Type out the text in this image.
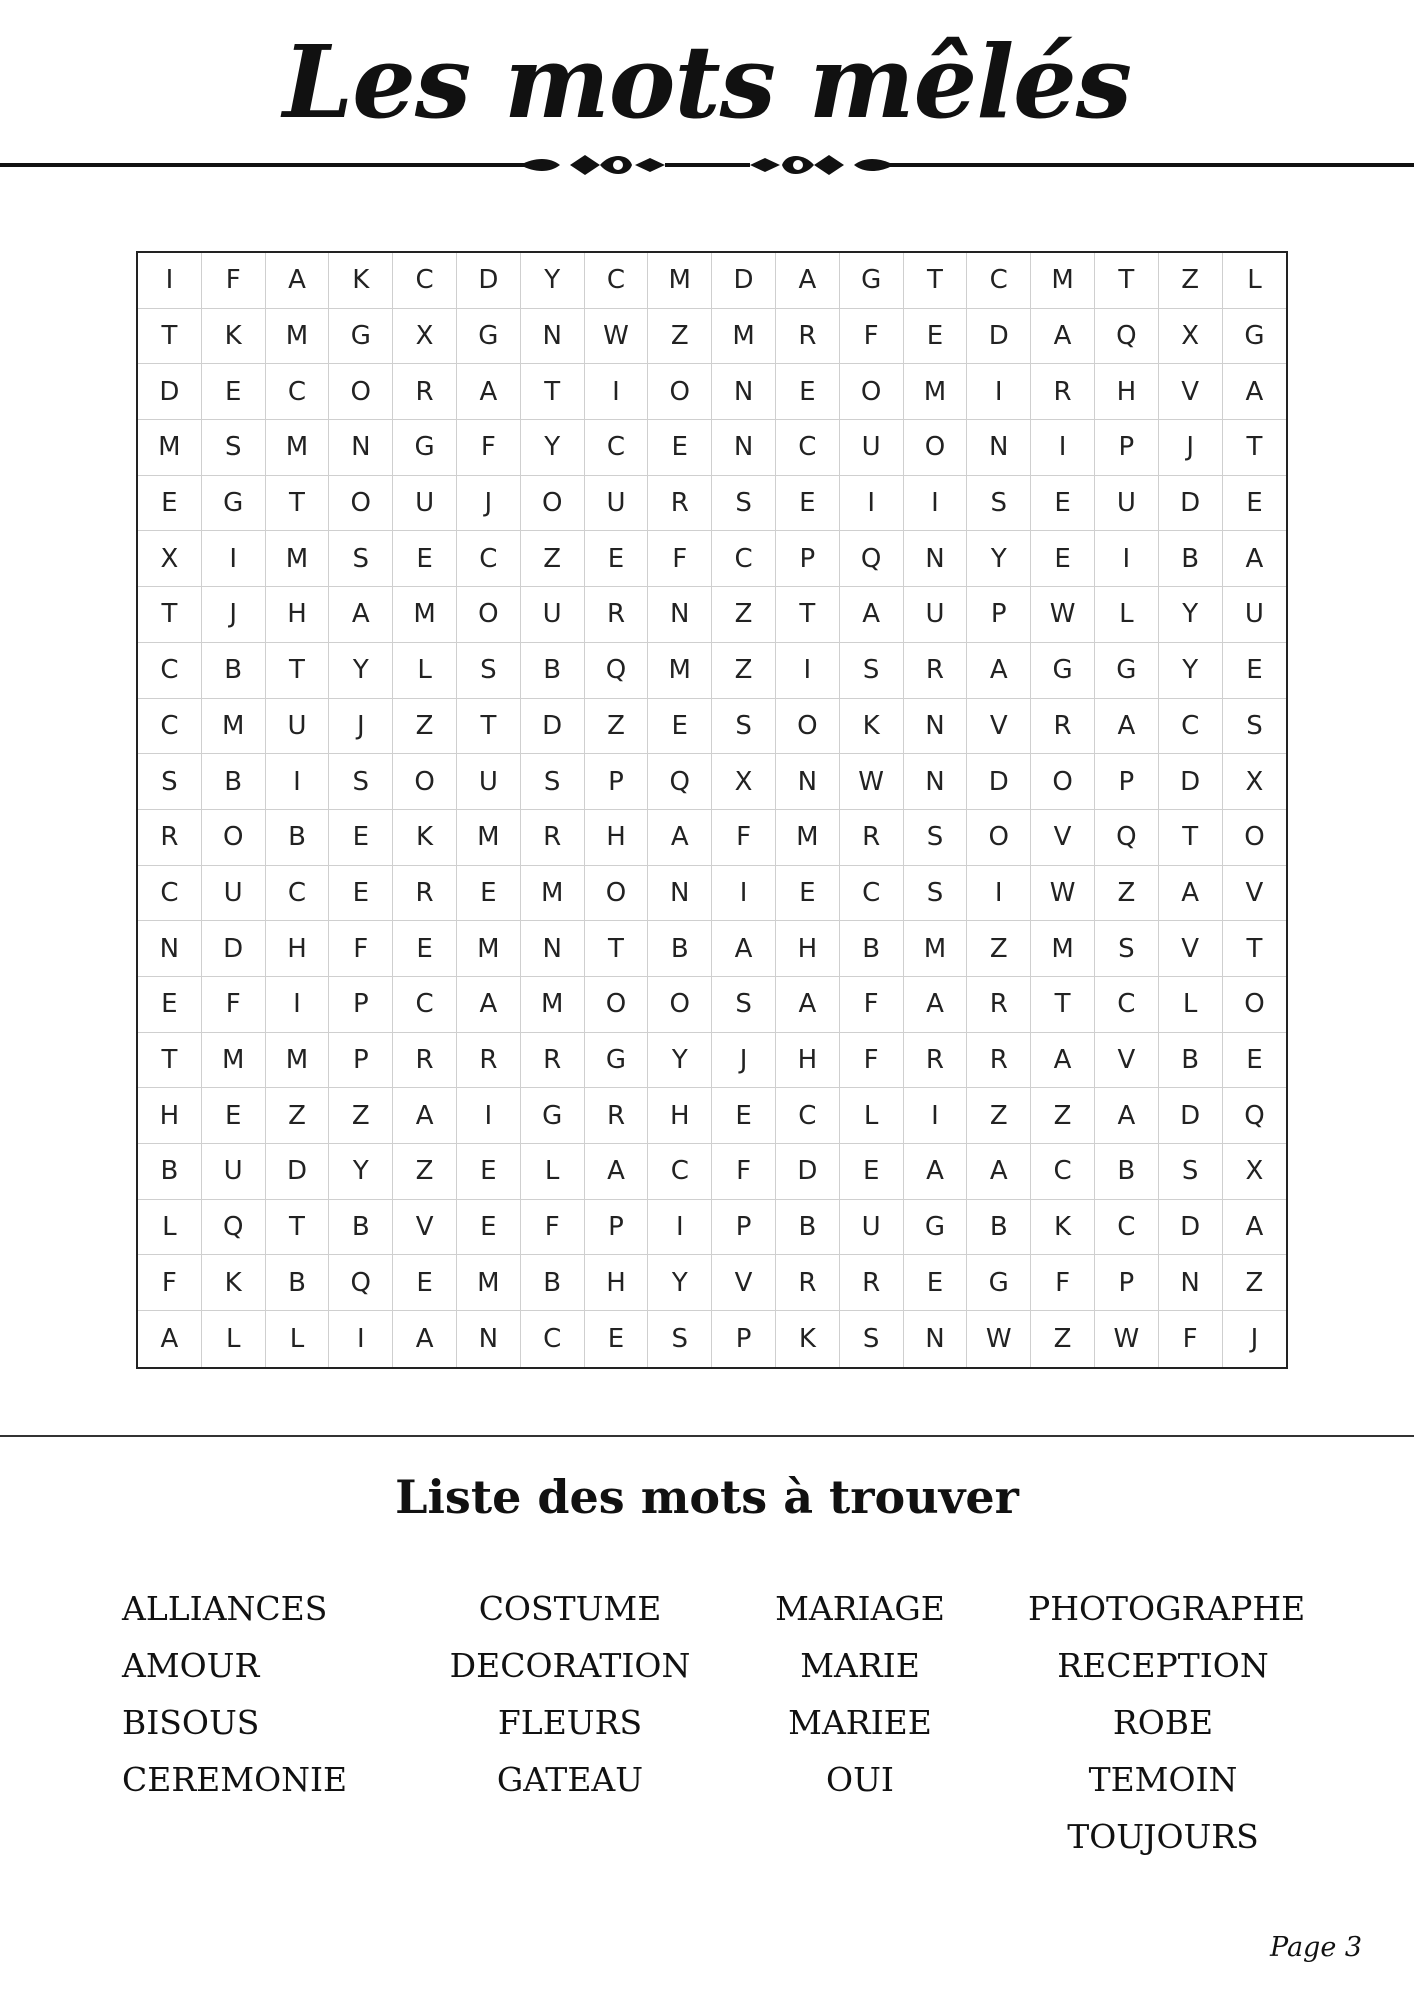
Les mots mêlés
I	F	A	K	C	D	Y	C	M	D	A	G	T	C	M	T	Z	L
T	K	M	G	X	G	N	W	Z	M	R	F	E	D	A	Q	X	G
D	E	C	O	R	A	T	I	O	N	E	O	M	I	R	H	V	A
M	S	M	N	G	F	Y	C	E	N	C	U	O	N	I	P	J	T
E	G	T	O	U	J	O	U	R	S	E	I	I	S	E	U	D	E
X	I	M	S	E	C	Z	E	F	C	P	Q	N	Y	E	I	B	A
T	J	H	A	M	O	U	R	N	Z	T	A	U	P	W	L	Y	U
C	B	T	Y	L	S	B	Q	M	Z	I	S	R	A	G	G	Y	E
C	M	U	J	Z	T	D	Z	E	S	O	K	N	V	R	A	C	S
S	B	I	S	O	U	S	P	Q	X	N	W	N	D	O	P	D	X
R	O	B	E	K	M	R	H	A	F	M	R	S	O	V	Q	T	O
C	U	C	E	R	E	M	O	N	I	E	C	S	I	W	Z	A	V
N	D	H	F	E	M	N	T	B	A	H	B	M	Z	M	S	V	T
E	F	I	P	C	A	M	O	O	S	A	F	A	R	T	C	L	O
T	M	M	P	R	R	R	G	Y	J	H	F	R	R	A	V	B	E
H	E	Z	Z	A	I	G	R	H	E	C	L	I	Z	Z	A	D	Q
B	U	D	Y	Z	E	L	A	C	F	D	E	A	A	C	B	S	X
L	Q	T	B	V	E	F	P	I	P	B	U	G	B	K	C	D	A
F	K	B	Q	E	M	B	H	Y	V	R	R	E	G	F	P	N	Z
A	L	L	I	A	N	C	E	S	P	K	S	N	W	Z	W	F	J
Liste des mots à trouver
ALLIANCES
AMOUR
BISOUS
CEREMONIE
COSTUME
DECORATION
FLEURS
GATEAU
MARIAGE
MARIE
MARIEE
OUI
PHOTOGRAPHE
RECEPTION
ROBE
TEMOIN
TOUJOURS
Page 3
